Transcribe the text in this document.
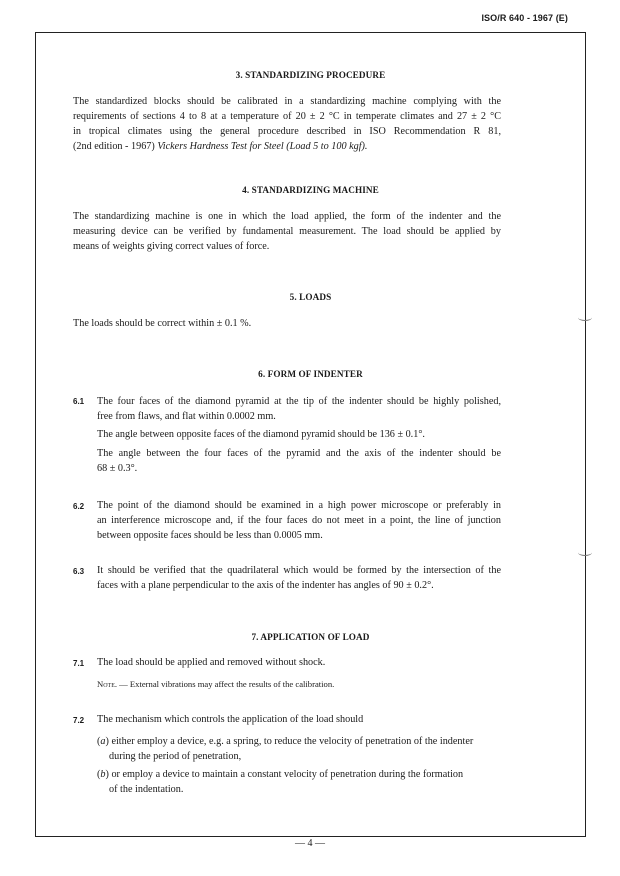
ISO/R 640 - 1967 (E)
3. STANDARDIZING PROCEDURE
The standardized blocks should be calibrated in a standardizing machine complying with the
requirements of sections 4 to 8 at a temperature of 20 ± 2 °C in temperate climates and 27 ± 2 °C
in tropical climates using the general procedure described in ISO Recommendation R 81,
(2nd edition - 1967) Vickers Hardness Test for Steel (Load 5 to 100 kgf).
4. STANDARDIZING MACHINE
The standardizing machine is one in which the load applied, the form of the indenter and the
measuring device can be verified by fundamental measurement. The load should be applied by
means of weights giving correct values of force.
5. LOADS
The loads should be correct within ± 0.1 %.
6. FORM OF INDENTER
6.1 The four faces of the diamond pyramid at the tip of the indenter should be highly polished,
free from flaws, and flat within 0.0002 mm.
The angle between opposite faces of the diamond pyramid should be 136 ± 0.1°.
The angle between the four faces of the pyramid and the axis of the indenter should be
68 ± 0.3°.
6.2 The point of the diamond should be examined in a high power microscope or preferably in
an interference microscope and, if the four faces do not meet in a point, the line of junction
between opposite faces should be less than 0.0005 mm.
6.3 It should be verified that the quadrilateral which would be formed by the intersection of the
faces with a plane perpendicular to the axis of the indenter has angles of 90 ± 0.2°.
7. APPLICATION OF LOAD
7.1 The load should be applied and removed without shock.
Note. — External vibrations may affect the results of the calibration.
7.2 The mechanism which controls the application of the load should
(a) either employ a device, e.g. a spring, to reduce the velocity of penetration of the indenter
during the period of penetration,
(b) or employ a device to maintain a constant velocity of penetration during the formation
of the indentation.
— 4 —
